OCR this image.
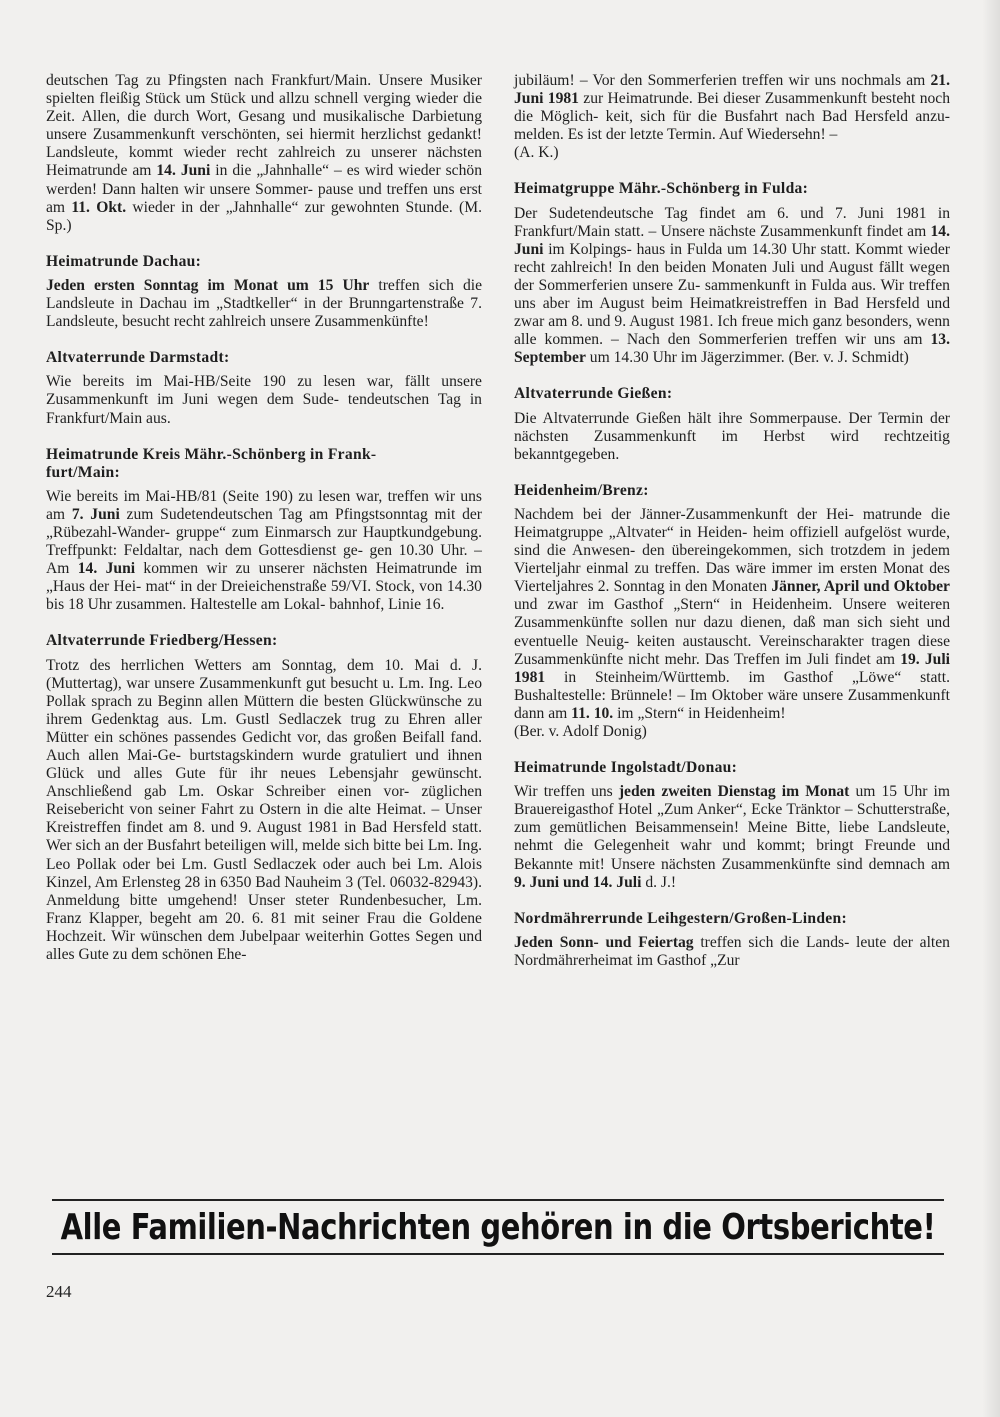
deutschen Tag zu Pfingsten nach Frankfurt/Main. Unsere Musiker spielten fleißig Stück um Stück und allzu schnell verging wieder die Zeit. Allen, die durch Wort, Gesang und musikalische Darbietung unsere Zusammenkunft verschönten, sei hiermit herzlichst gedankt! Landsleute, kommt wieder recht zahlreich zu unserer nächsten Heimatrunde am 14. Juni in die „Jahnhalle“ – es wird wieder schön werden! Dann halten wir unsere Sommer- pause und treffen uns erst am 11. Okt. wieder in der „Jahnhalle“ zur gewohnten Stunde. (M. Sp.)

Heimatrunde Dachau:

Jeden ersten Sonntag im Monat um 15 Uhr treffen sich die Landsleute in Dachau im „Stadtkeller“ in der Brunngartenstraße 7. Landsleute, besucht recht zahlreich unsere Zusammenkünfte!

Altvaterrunde Darmstadt:

Wie bereits im Mai-HB/Seite 190 zu lesen war, fällt unsere Zusammenkunft im Juni wegen dem Sude- tendeutschen Tag in Frankfurt/Main aus.

Heimatrunde Kreis Mähr.-Schönberg in Frank-
furt/Main:

Wie bereits im Mai-HB/81 (Seite 190) zu lesen war, treffen wir uns am 7. Juni zum Sudetendeutschen Tag am Pfingstsonntag mit der „Rübezahl-Wander- gruppe“ zum Einmarsch zur Hauptkundgebung. Treffpunkt: Feldaltar, nach dem Gottesdienst ge- gen 10.30 Uhr. – Am 14. Juni kommen wir zu unserer nächsten Heimatrunde im „Haus der Hei- mat“ in der Dreieichenstraße 59/VI. Stock, von 14.30 bis 18 Uhr zusammen. Haltestelle am Lokal- bahnhof, Linie 16.

Altvaterrunde Friedberg/Hessen:

Trotz des herrlichen Wetters am Sonntag, dem 10. Mai d. J. (Muttertag), war unsere Zusammenkunft gut besucht u. Lm. Ing. Leo Pollak sprach zu Beginn allen Müttern die besten Glückwünsche zu ihrem Gedenktag aus. Lm. Gustl Sedlaczek trug zu Ehren aller Mütter ein schönes passendes Gedicht vor, das großen Beifall fand. Auch allen Mai-Ge- burtstagskindern wurde gratuliert und ihnen Glück und alles Gute für ihr neues Lebensjahr gewünscht. Anschließend gab Lm. Oskar Schreiber einen vor- züglichen Reisebericht von seiner Fahrt zu Ostern in die alte Heimat. – Unser Kreistreffen findet am 8. und 9. August 1981 in Bad Hersfeld statt. Wer sich an der Busfahrt beteiligen will, melde sich bitte bei Lm. Ing. Leo Pollak oder bei Lm. Gustl Sedlaczek oder auch bei Lm. Alois Kinzel, Am Erlensteg 28 in 6350 Bad Nauheim 3 (Tel. 06032-82943). Anmeldung bitte umgehend! Unser steter Rundenbesucher, Lm. Franz Klapper, begeht am 20. 6. 81 mit seiner Frau die Goldene Hochzeit. Wir wünschen dem Jubelpaar weiterhin Gottes Segen und alles Gute zu dem schönen Ehe-

jubiläum! – Vor den Sommerferien treffen wir uns nochmals am 21. Juni 1981 zur Heimatrunde. Bei dieser Zusammenkunft besteht noch die Möglich- keit, sich für die Busfahrt nach Bad Hersfeld anzu- melden. Es ist der letzte Termin. Auf Wiedersehn! –

(A. K.)

Heimatgruppe Mähr.-Schönberg in Fulda:

Der Sudetendeutsche Tag findet am 6. und 7. Juni 1981 in Frankfurt/Main statt. – Unsere nächste Zusammenkunft findet am 14. Juni im Kolpings- haus in Fulda um 14.30 Uhr statt. Kommt wieder recht zahlreich! In den beiden Monaten Juli und August fällt wegen der Sommerferien unsere Zu- sammenkunft in Fulda aus. Wir treffen uns aber im August beim Heimatkreistreffen in Bad Hersfeld und zwar am 8. und 9. August 1981. Ich freue mich ganz besonders, wenn alle kommen. – Nach den Sommerferien treffen wir uns am 13. September um 14.30 Uhr im Jägerzimmer. (Ber. v. J. Schmidt)

Altvaterrunde Gießen:

Die Altvaterrunde Gießen hält ihre Sommerpause. Der Termin der nächsten Zusammenkunft im Herbst wird rechtzeitig bekanntgegeben.

Heidenheim/Brenz:

Nachdem bei der Jänner-Zusammenkunft der Hei- matrunde die Heimatgruppe „Altvater“ in Heiden- heim offiziell aufgelöst wurde, sind die Anwesen- den übereingekommen, sich trotzdem in jedem Vierteljahr einmal zu treffen. Das wäre immer im ersten Monat des Vierteljahres 2. Sonntag in den Monaten Jänner, April und Oktober und zwar im Gasthof „Stern“ in Heidenheim. Unsere weiteren Zusammenkünfte sollen nur dazu dienen, daß man sich sieht und eventuelle Neuig- keiten austauscht. Vereinscharakter tragen diese Zusammenkünfte nicht mehr. Das Treffen im Juli findet am 19. Juli 1981 in Steinheim/Württemb. im Gasthof „Löwe“ statt. Bushaltestelle: Brünnele! – Im Oktober wäre unsere Zusammenkunft dann am 11. 10. im „Stern“ in Heidenheim!

(Ber. v. Adolf Donig)

Heimatrunde Ingolstadt/Donau:

Wir treffen uns jeden zweiten Dienstag im Monat um 15 Uhr im Brauereigasthof Hotel „Zum Anker“, Ecke Tränktor – Schutterstraße, zum gemütlichen Beisammensein! Meine Bitte, liebe Landsleute, nehmt die Gelegenheit wahr und kommt; bringt Freunde und Bekannte mit! Unsere nächsten Zusammenkünfte sind demnach am 9. Juni und 14. Juli d. J.!

Nordmährerrunde Leihgestern/Großen-Linden:

Jeden Sonn- und Feiertag treffen sich die Lands- leute der alten Nordmährerheimat im Gasthof „Zur

Alle Familien-Nachrichten gehören in die Ortsberichte!
244
